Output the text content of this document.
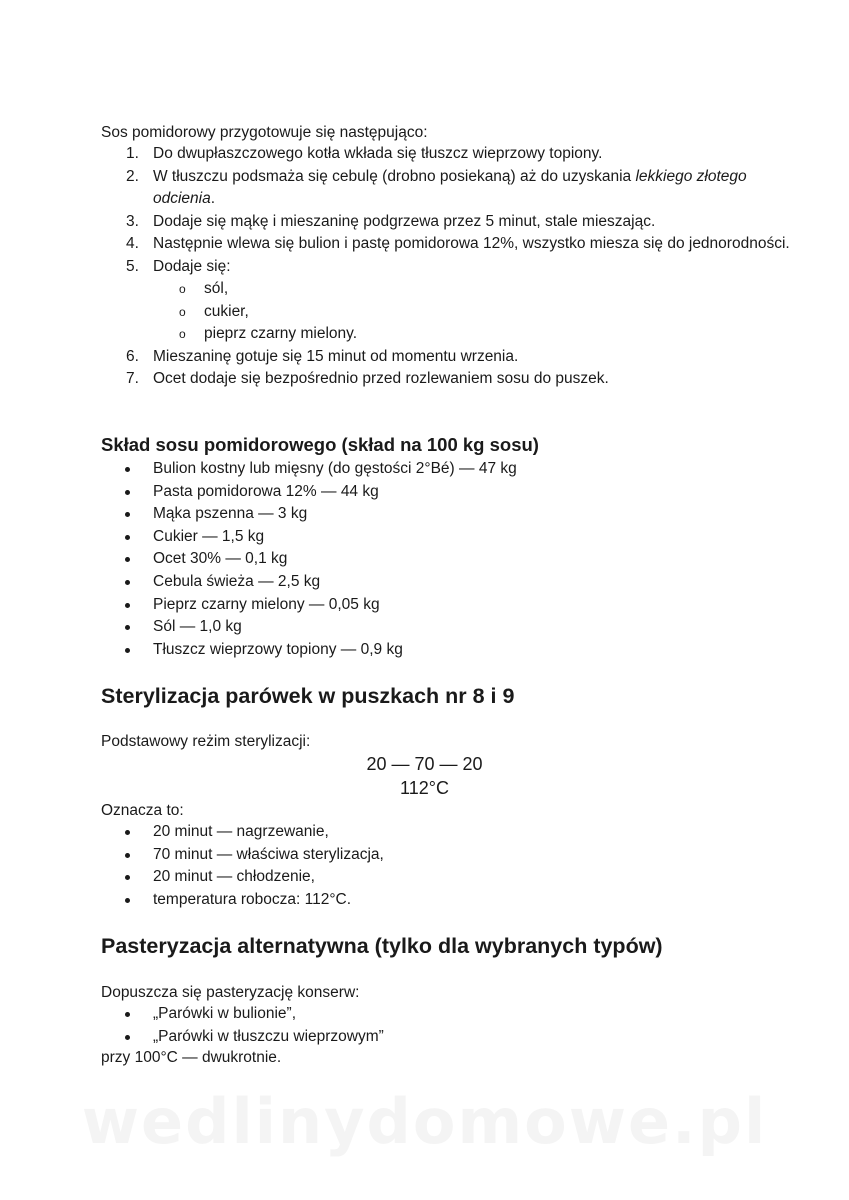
Sos pomidorowy przygotowuje się następująco:
1. Do dwupłaszczowego kotła wkłada się tłuszcz wieprzowy topiony.
2. W tłuszczu podsmaża się cebulę (drobno posiekaną) aż do uzyskania lekkiego złotego odcienia.
3. Dodaje się mąkę i mieszaninę podgrzewa przez 5 minut, stale mieszając.
4. Następnie wlewa się bulion i pastę pomidorowa 12%, wszystko miesza się do jednorodności.
5. Dodaje się:
o sól,
o cukier,
o pieprz czarny mielony.
6. Mieszaninę gotuje się 15 minut od momentu wrzenia.
7. Ocet dodaje się bezpośrednio przed rozlewaniem sosu do puszek.
Skład sosu pomidorowego (skład na 100 kg sosu)
Bulion kostny lub mięsny (do gęstości 2°Bé) — 47 kg
Pasta pomidorowa 12% — 44 kg
Mąka pszenna — 3 kg
Cukier — 1,5 kg
Ocet 30% — 0,1 kg
Cebula świeża — 2,5 kg
Pieprz czarny mielony — 0,05 kg
Sól — 1,0 kg
Tłuszcz wieprzowy topiony — 0,9 kg
Sterylizacja parówek w puszkach nr 8 i 9
Podstawowy reżim sterylizacji:
20 — 70 — 20
112°C
Oznacza to:
20 minut — nagrzewanie,
70 minut — właściwa sterylizacja,
20 minut — chłodzenie,
temperatura robocza: 112°C.
Pasteryzacja alternatywna (tylko dla wybranych typów)
Dopuszcza się pasteryzację konserw:
„Parówki w bulionie”,
„Parówki w tłuszczu wieprzowym”
przy 100°C — dwukrotnie.
wedlinydomowe.pl
